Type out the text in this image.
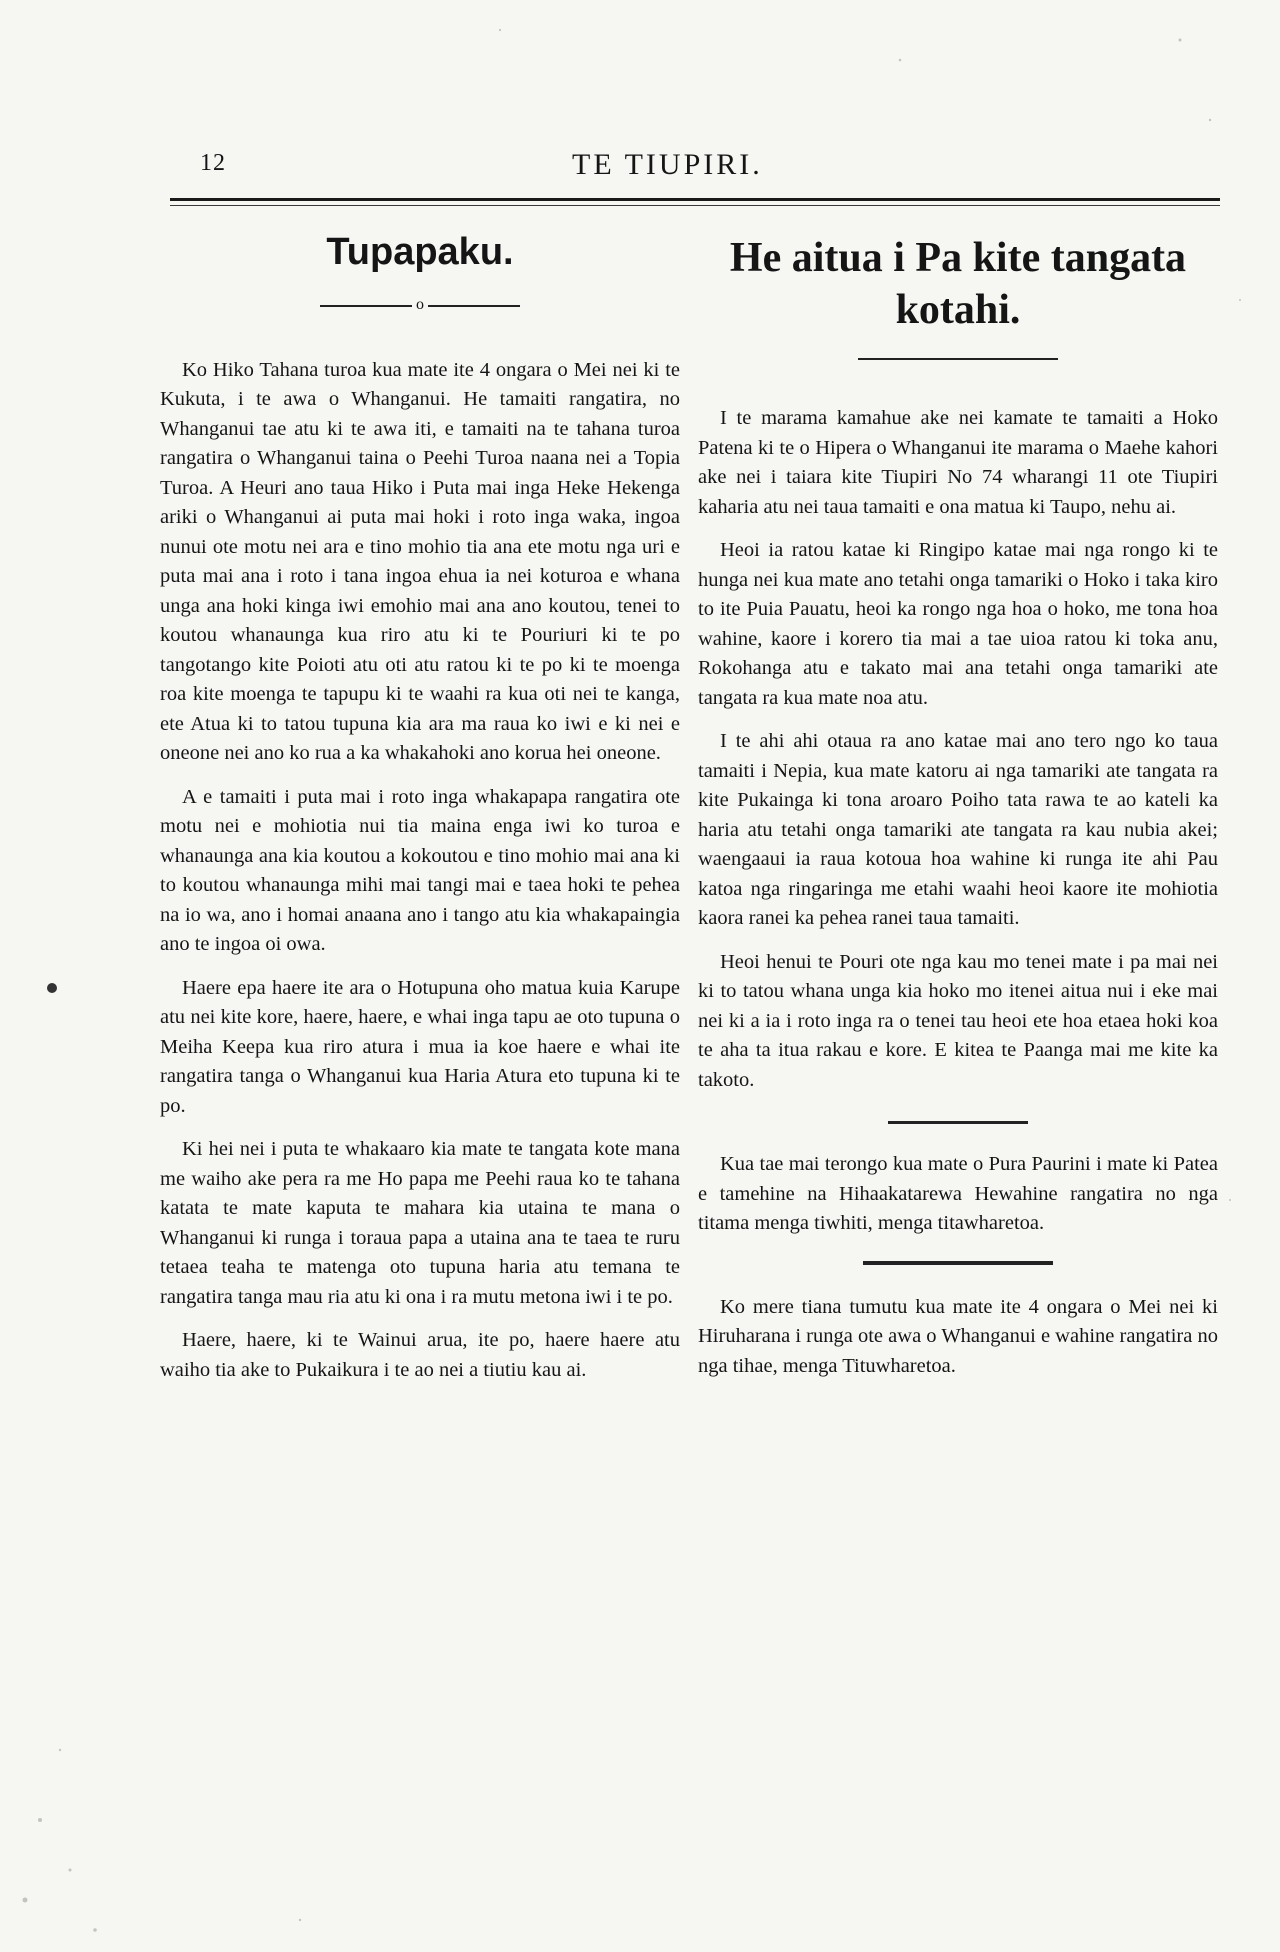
12	TE TIUPIRI.
Tupapaku.
o

Ko Hiko Tahana turoa kua mate ite 4 ongara o Mei nei ki te Kukuta, i te awa o Whanganui. He tamaiti rangatira, no Whanganui tae atu ki te awa iti, e tamaiti na te tahana turoa rangatira o Whanganui taina o Peehi Turoa naana nei a Topia Turoa. A Heuri ano taua Hiko i Puta mai inga Heke Hekenga ariki o Whanganui ai puta mai hoki i roto inga waka, ingoa nunui ote motu nei ara e tino mohio tia ana ete motu nga uri e puta mai ana i roto i tana ingoa ehua ia nei koturoa e whana unga ana hoki kinga iwi emohio mai ana ano koutou, tenei to koutou whanaunga kua riro atu ki te Pouriuri ki te po tangotango kite Poioti atu oti atu ratou ki te po ki te moenga roa kite moenga te tapupu ki te waahi ra kua oti nei te kanga, ete Atua ki to tatou tupuna kia ara ma raua ko iwi e ki nei e oneone nei ano ko rua a ka whakahoki ano korua hei oneone.

A e tamaiti i puta mai i roto inga whakapapa rangatira ote motu nei e mohiotia nui tia maina enga iwi ko turoa e whanaunga ana kia koutou a kokoutou e tino mohio mai ana ki to koutou whanaunga mihi mai tangi mai e taea hoki te pehea na io wa, ano i homai anaana ano i tango atu kia whakapaingia ano te ingoa oi owa.

Haere epa haere ite ara o Hotupuna oho matua kuia Karupe atu nei kite kore, haere, haere, e whai inga tapu ae oto tupuna o Meiha Keepa kua riro atura i mua ia koe haere e whai ite rangatira tanga o Whanganui kua Haria Atura eto tupuna ki te po.

Ki hei nei i puta te whakaaro kia mate te tangata kote mana me waiho ake pera ra me Ho papa me Peehi raua ko te tahana katata te mate kaputa te mahara kia utaina te mana o Whanganui ki runga i toraua papa a utaina ana te taea te ruru tetaea teaha te matenga oto tupuna haria atu temana te rangatira tanga mau ria atu ki ona i ra mutu metona iwi i te po.

Haere, haere, ki te Wainui arua, ite po, haere haere atu waiho tia ake to Pukaikura i te ao nei a tiutiu kau ai.

He aitua i Pa kite tangata kotahi.

I te marama kamahue ake nei kamate te tamaiti a Hoko Patena ki te o Hipera o Whanganui ite marama o Maehe kahori ake nei i taiara kite Tiupiri No 74 wharangi 11 ote Tiupiri kaharia atu nei taua tamaiti e ona matua ki Taupo, nehu ai.

Heoi ia ratou katae ki Ringipo katae mai nga rongo ki te hunga nei kua mate ano tetahi onga tamariki o Hoko i taka kiro to ite Puia Pauatu, heoi ka rongo nga hoa o hoko, me tona hoa wahine, kaore i korero tia mai a tae uioa ratou ki toka anu, Rokohanga atu e takato mai ana tetahi onga tamariki ate tangata ra kua mate noa atu.

I te ahi ahi otaua ra ano katae mai ano tero ngo ko taua tamaiti i Nepia, kua mate katoru ai nga tamariki ate tangata ra kite Pukainga ki tona aroaro Poiho tata rawa te ao kateli ka haria atu tetahi onga tamariki ate tangata ra kau nubia akei; waengaaui ia raua kotoua hoa wahine ki runga ite ahi Pau katoa nga ringaringa me etahi waahi heoi kaore ite mohiotia kaora ranei ka pehea ranei taua tamaiti.

Heoi henui te Pouri ote nga kau mo tenei mate i pa mai nei ki to tatou whana unga kia hoko mo itenei aitua nui i eke mai nei ki a ia i roto inga ra o tenei tau heoi ete hoa etaea hoki koa te aha ta itua rakau e kore. E kitea te Paanga mai me kite ka takoto.

Kua tae mai terongo kua mate o Pura Paurini i mate ki Patea e tamehine na Hihaakatarewa Hewahine rangatira no nga titama menga tiwhiti, menga titawharetoa.

Ko mere tiana tumutu kua mate ite 4 ongara o Mei nei ki Hiruharana i runga ote awa o Whanganui e wahine rangatira no nga tihae, menga Tituwharetoa.
